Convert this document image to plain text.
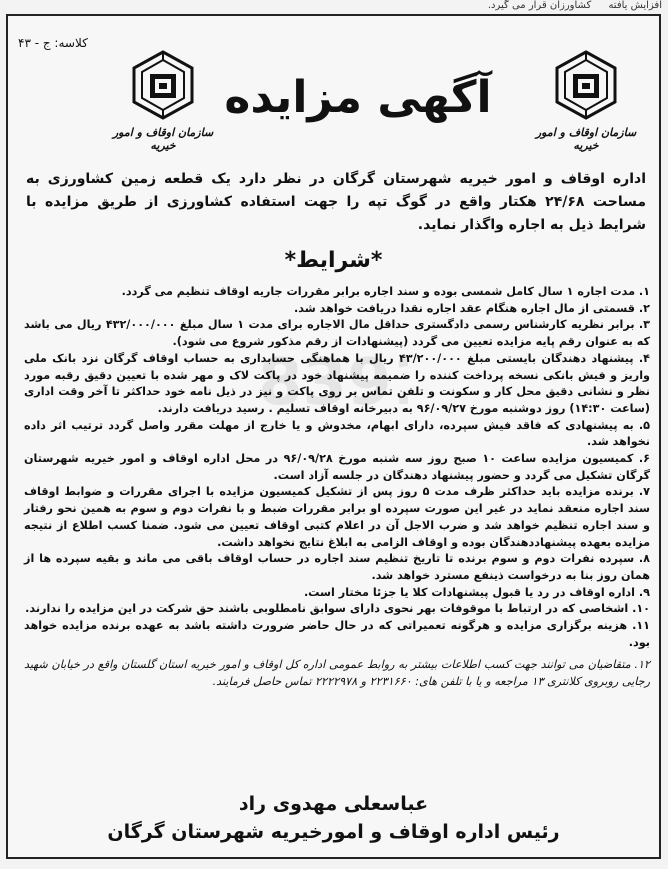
افزایش یافته کشاورزان قرار می گیرد.
839
کلاسه: ج - ۴۳
سازمان اوقاف و امور خیریه
آگهی مزایده
سازمان اوقاف و امور خیریه
اداره اوقاف و امور خیریه شهرستان گرگان در نظر دارد یک قطعه زمین کشاورزی به مساحت ۲۴/۶۸ هکتار واقع در گوگ تپه را جهت استفاده کشاورزی از طریق مزایده با شرایط ذیل به اجاره واگذار نماید.
*شرایط*
۱. مدت اجاره ۱ سال کامل شمسی بوده و سند اجاره برابر مقررات جاریه اوقاف تنظیم می گردد.
۲. قسمتی از مال اجاره هنگام عقد اجاره نقدا دریافت خواهد شد.
۳. برابر نظریه کارشناس رسمی دادگستری حداقل مال الاجاره برای مدت ۱ سال مبلغ ۴۳۲/۰۰۰/۰۰۰ ریال می باشد که به عنوان رقم پایه مزایده تعیین می گردد (پیشنهادات از رقم مذکور شروع می شود).
۴. پیشنهاد دهندگان بایستی مبلغ ۴۳/۲۰۰/۰۰۰ ریال با هماهنگی حسابداری به حساب اوقاف گرگان نزد بانک ملی واریز و فیش بانکی نسخه پرداخت کننده را ضمیمه پیشنهاد خود در پاکت لاک و مهر شده با تعیین دقیق رقبه مورد نظر و نشانی دقیق محل کار و سکونت و تلفن تماس بر روی پاکت و نیز در ذیل نامه خود حداکثر تا آخر وقت اداری (ساعت ۱۴:۳۰) روز دوشنبه مورخ ۹۶/۰۹/۲۷ به دبیرخانه اوقاف تسلیم . رسید دریافت دارند.
۵. به پیشنهادی که فاقد فیش سپرده، دارای ابهام، مخدوش و یا خارج از مهلت مقرر واصل گردد ترتیب اثر داده نخواهد شد.
۶. کمیسیون مزایده ساعت ۱۰ صبح روز سه شنبه مورخ ۹۶/۰۹/۲۸ در محل اداره اوقاف و امور خیریه شهرستان گرگان تشکیل می گردد و حضور پیشنهاد دهندگان در جلسه آزاد است.
۷. برنده مزایده باید حداکثر ظرف مدت ۵ روز پس از تشکیل کمیسیون مزایده با اجرای مقررات و ضوابط اوقاف سند اجاره منعقد نماید در غیر این صورت سپرده او برابر مقررات ضبط و با نفرات دوم و سوم به همین نحو رفتار و سند اجاره تنظیم خواهد شد و ضرب الاجل آن در اعلام کتبی اوقاف تعیین می شود. ضمنا کسب اطلاع از نتیجه مزایده بعهده پیشنهاددهندگان بوده و اوقاف الزامی به ابلاغ نتایج نخواهد داشت.
۸. سپرده نفرات دوم و سوم برنده تا تاریخ تنظیم سند اجاره در حساب اوقاف باقی می ماند و بقیه سپرده ها از همان روز بنا به درخواست ذینفع مسترد خواهد شد.
۹. اداره اوقاف در رد یا قبول پیشنهادات کلا یا جزئا مختار است.
۱۰. اشخاصی که در ارتباط با موقوفات بهر نحوی دارای سوابق نامطلوبی باشند حق شرکت در این مزایده را ندارند.
۱۱. هزینه برگزاری مزایده و هرگونه تعمیراتی که در حال حاضر ضرورت داشته باشد به عهده برنده مزایده خواهد بود.
۱۲. متقاضیان می توانند جهت کسب اطلاعات بیشتر به روابط عمومی اداره کل اوقاف و امور خیریه استان گلستان واقع در خیابان شهید رجایی روبروی کلانتری ۱۳ مراجعه و یا با تلفن های: ۲۲۳۱۶۶۰ و ۲۲۲۲۹۷۸ تماس حاصل فرمایند.
عباسعلی مهدوی راد
رئیس اداره اوقاف و امورخیریه شهرستان گرگان
